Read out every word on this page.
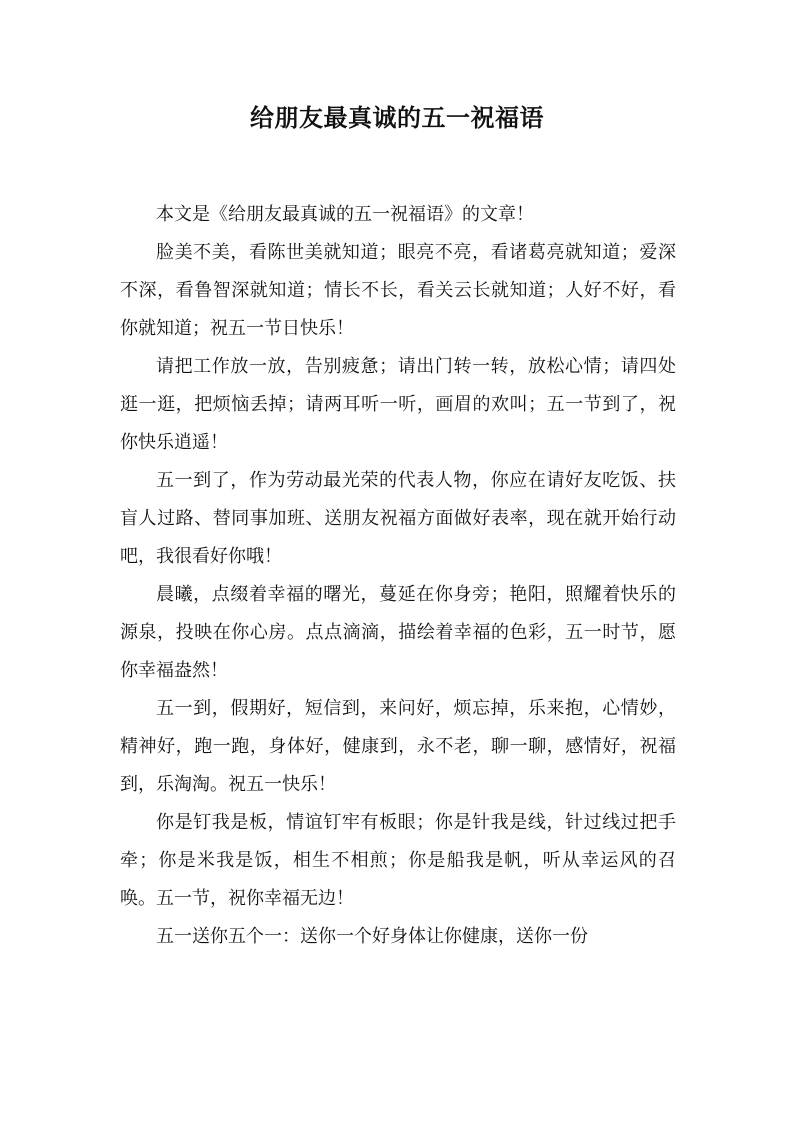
给朋友最真诚的五一祝福语

本文是《给朋友最真诚的五一祝福语》的文章！

脸美不美，看陈世美就知道；眼亮不亮，看诸葛亮就知道；爱深不深，看鲁智深就知道；情长不长，看关云长就知道；人好不好，看你就知道；祝五一节日快乐！

请把工作放一放，告别疲惫；请出门转一转，放松心情；请四处逛一逛，把烦恼丢掉；请两耳听一听，画眉的欢叫；五一节到了，祝你快乐逍遥！

五一到了，作为劳动最光荣的代表人物，你应在请好友吃饭、扶盲人过路、替同事加班、送朋友祝福方面做好表率，现在就开始行动吧，我很看好你哦！

晨曦，点缀着幸福的曙光，蔓延在你身旁；艳阳，照耀着快乐的源泉，投映在你心房。点点滴滴，描绘着幸福的色彩，五一时节，愿你幸福盎然！

五一到，假期好，短信到，来问好，烦忘掉，乐来抱，心情妙，精神好，跑一跑，身体好，健康到，永不老，聊一聊，感情好，祝福到，乐淘淘。祝五一快乐！

你是钉我是板，情谊钉牢有板眼；你是针我是线，针过线过把手牵；你是米我是饭，相生不相煎；你是船我是帆，听从幸运风的召唤。五一节，祝你幸福无边！

五一送你五个一：送你一个好身体让你健康，送你一份
